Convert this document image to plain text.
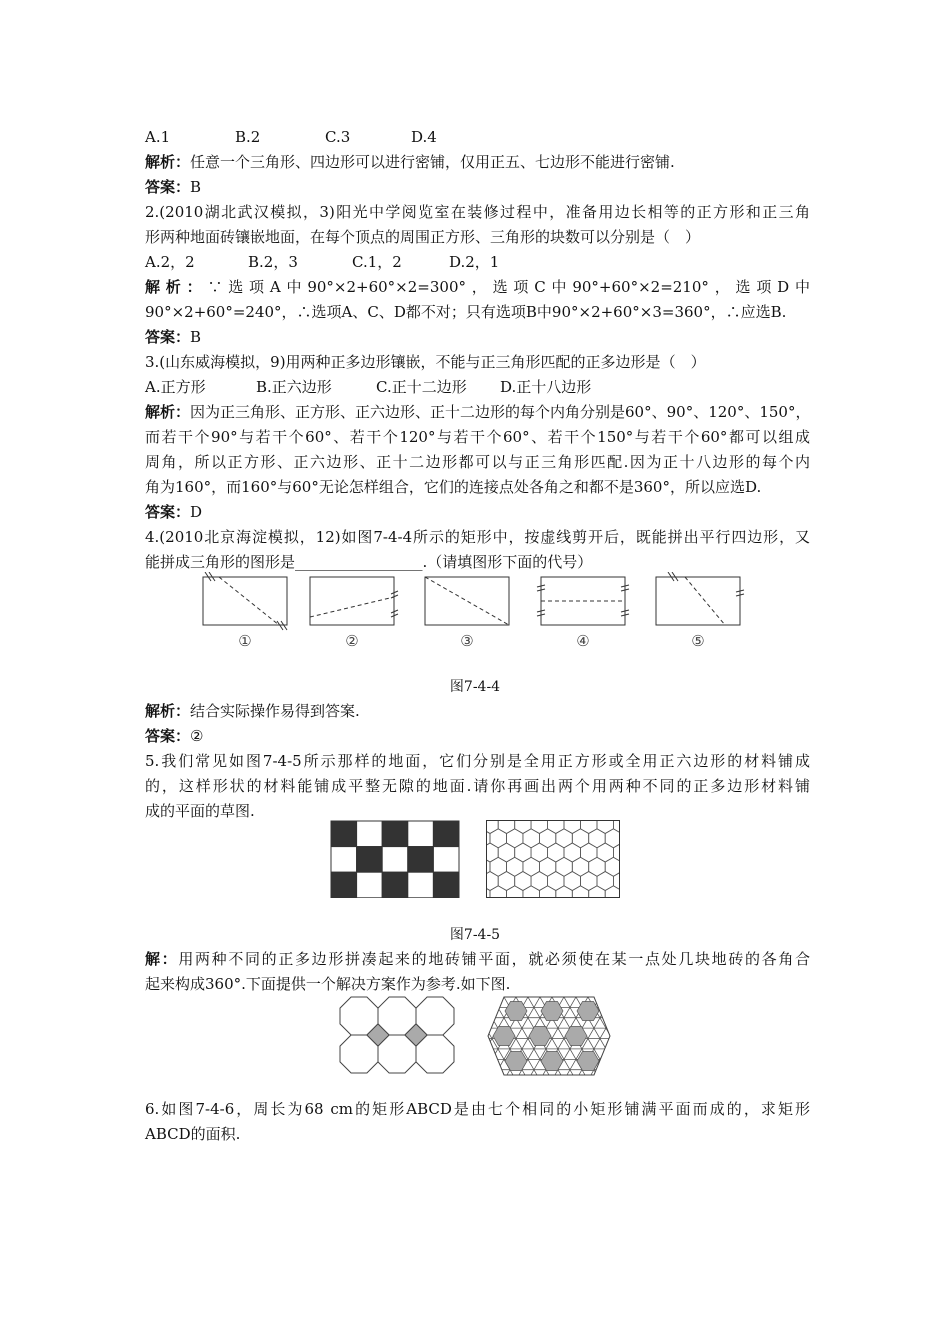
A.1	B.2	C.3	D.4
解析：任意一个三角形、四边形可以进行密铺，仅用正五、七边形不能进行密铺.
答案：B
2.(2010湖北武汉模拟，3)阳光中学阅览室在装修过程中，准备用边长相等的正方形和正三角
形两种地面砖镶嵌地面，在每个顶点的周围正方形、三角形的块数可以分别是（　）
A.2，2	B.2，3	C.1，2	D.2，1
解析：∵选项A中90°×2+60°×2=300°，选项C中90°+60°×2=210°，选项D中
90°×2+60°=240°，∴选项A、C、D都不对；只有选项B中90°×2+60°×3=360°，∴应选B.
答案：B
3.(山东威海模拟，9)用两种正多边形镶嵌，不能与正三角形匹配的正多边形是（　）
A.正方形	B.正六边形	C.正十二边形 D.正十八边形
解析：因为正三角形、正方形、正六边形、正十二边形的每个内角分别是60°、90°、120°、150°，
而若干个90°与若干个60°、若干个120°与若干个60°、若干个150°与若干个60°都可以组成
周角，所以正方形、正六边形、正十二边形都可以与正三角形匹配.因为正十八边形的每个内
角为160°，而160°与60°无论怎样组合，它们的连接点处各角之和都不是360°，所以应选D.
答案：D
4.(2010北京海淀模拟，12)如图7-4-4所示的矩形中，按虚线剪开后，既能拼出平行四边形，又
能拼成三角形的图形是_________________.（请填图形下面的代号）
①	②	③	④	⑤
图7-4-4
解析：结合实际操作易得到答案.
答案：②
5.我们常见如图7-4-5所示那样的地面，它们分别是全用正方形或全用正六边形的材料铺成
的，这样形状的材料能铺成平整无隙的地面.请你再画出两个用两种不同的正多边形材料铺
成的平面的草图.
图7-4-5
解：用两种不同的正多边形拼凑起来的地砖铺平面，就必须使在某一点处几块地砖的各角合
起来构成360°.下面提供一个解决方案作为参考.如下图.
6.如图7-4-6，周长为68 cm的矩形ABCD是由七个相同的小矩形铺满平面而成的，求矩形
ABCD的面积.
